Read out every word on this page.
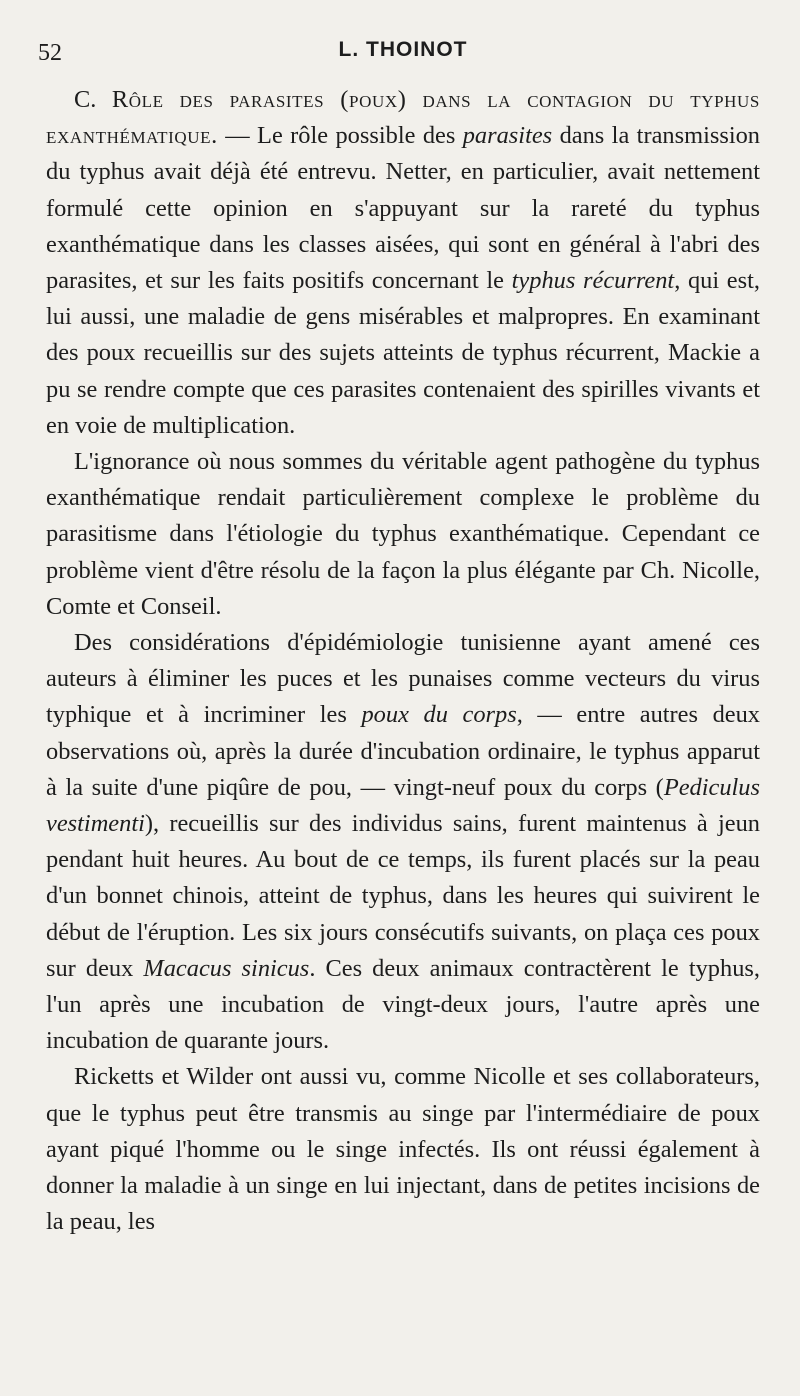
52	L. THOINOT

C. Rôle des parasites (poux) dans la contagion du typhus exanthématique. — Le rôle possible des parasites dans la transmission du typhus avait déjà été entrevu. Netter, en particulier, avait nettement formulé cette opinion en s'appuyant sur la rareté du typhus exanthématique dans les classes aisées, qui sont en général à l'abri des parasites, et sur les faits positifs concernant le typhus récurrent, qui est, lui aussi, une maladie de gens misérables et malpropres. En examinant des poux recueillis sur des sujets atteints de typhus récurrent, Mackie a pu se rendre compte que ces parasites contenaient des spirilles vivants et en voie de multiplication.

L'ignorance où nous sommes du véritable agent pathogène du typhus exanthématique rendait particulièrement complexe le problème du parasitisme dans l'étiologie du typhus exanthématique. Cependant ce problème vient d'être résolu de la façon la plus élégante par Ch. Nicolle, Comte et Conseil.

Des considérations d'épidémiologie tunisienne ayant amené ces auteurs à éliminer les puces et les punaises comme vecteurs du virus typhique et à incriminer les poux du corps, — entre autres deux observations où, après la durée d'incubation ordinaire, le typhus apparut à la suite d'une piqûre de pou, — vingt-neuf poux du corps (Pediculus vestimenti), recueillis sur des individus sains, furent maintenus à jeun pendant huit heures. Au bout de ce temps, ils furent placés sur la peau d'un bonnet chinois, atteint de typhus, dans les heures qui suivirent le début de l'éruption. Les six jours consécutifs suivants, on plaça ces poux sur deux Macacus sinicus. Ces deux animaux contractèrent le typhus, l'un après une incubation de vingt-deux jours, l'autre après une incubation de quarante jours.

Ricketts et Wilder ont aussi vu, comme Nicolle et ses collaborateurs, que le typhus peut être transmis au singe par l'intermédiaire de poux ayant piqué l'homme ou le singe infectés. Ils ont réussi également à donner la maladie à un singe en lui injectant, dans de petites incisions de la peau, les
